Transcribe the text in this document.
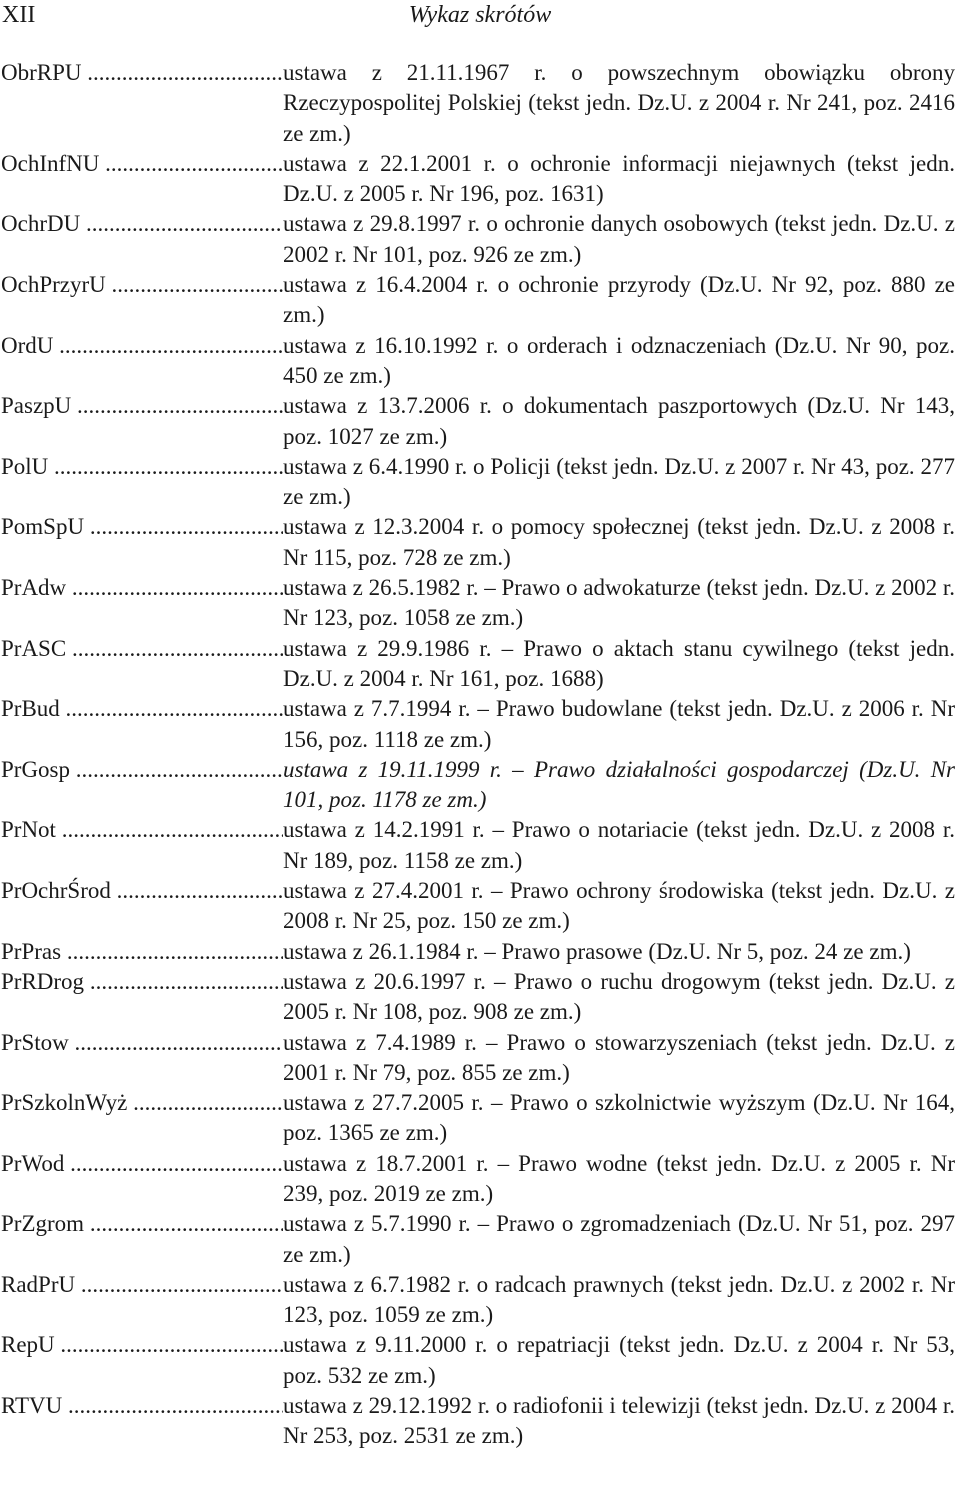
XII	Wykaz skrótów
ObrRPU .....	ustawa z 21.11.1967 r. o powszechnym obowiązku obrony Rzeczypospolitej Polskiej (tekst jedn. Dz.U. z 2004 r. Nr 241, poz. 2416 ze zm.)
OchInfNU .....	ustawa z 22.1.2001 r. o ochronie informacji niejawnych (tekst jedn. Dz.U. z 2005 r. Nr 196, poz. 1631)
OchrDU .....	ustawa z 29.8.1997 r. o ochronie danych osobowych (tekst jedn. Dz.U. z 2002 r. Nr 101, poz. 926 ze zm.)
OchPrzyrU .....	ustawa z 16.4.2004 r. o ochronie przyrody (Dz.U. Nr 92, poz. 880 ze zm.)
OrdU .....	ustawa z 16.10.1992 r. o orderach i odznaczeniach (Dz.U. Nr 90, poz. 450 ze zm.)
PaszpU .....	ustawa z 13.7.2006 r. o dokumentach paszportowych (Dz.U. Nr 143, poz. 1027 ze zm.)
PolU .....	ustawa z 6.4.1990 r. o Policji (tekst jedn. Dz.U. z 2007 r. Nr 43, poz. 277 ze zm.)
PomSpU .....	ustawa z 12.3.2004 r. o pomocy społecznej (tekst jedn. Dz.U. z 2008 r. Nr 115, poz. 728 ze zm.)
PrAdw .....	ustawa z 26.5.1982 r. – Prawo o adwokaturze (tekst jedn. Dz.U. z 2002 r. Nr 123, poz. 1058 ze zm.)
PrASC .....	ustawa z 29.9.1986 r. – Prawo o aktach stanu cywilnego (tekst jedn. Dz.U. z 2004 r. Nr 161, poz. 1688)
PrBud .....	ustawa z 7.7.1994 r. – Prawo budowlane (tekst jedn. Dz.U. z 2006 r. Nr 156, poz. 1118 ze zm.)
PrGosp .....	ustawa z 19.11.1999 r. – Prawo działalności gospodarczej (Dz.U. Nr 101, poz. 1178 ze zm.)
PrNot .....	ustawa z 14.2.1991 r. – Prawo o notariacie (tekst jedn. Dz.U. z 2008 r. Nr 189, poz. 1158 ze zm.)
PrOchrŚrod .....	ustawa z 27.4.2001 r. – Prawo ochrony środowiska (tekst jedn. Dz.U. z 2008 r. Nr 25, poz. 150 ze zm.)
PrPras .....	ustawa z 26.1.1984 r. – Prawo prasowe (Dz.U. Nr 5, poz. 24 ze zm.)
PrRDrog .....	ustawa z 20.6.1997 r. – Prawo o ruchu drogowym (tekst jedn. Dz.U. z 2005 r. Nr 108, poz. 908 ze zm.)
PrStow .....	ustawa z 7.4.1989 r. – Prawo o stowarzyszeniach (tekst jedn. Dz.U. z 2001 r. Nr 79, poz. 855 ze zm.)
PrSzkolnWyż .....	ustawa z 27.7.2005 r. – Prawo o szkolnictwie wyższym (Dz.U. Nr 164, poz. 1365 ze zm.)
PrWod .....	ustawa z 18.7.2001 r. – Prawo wodne (tekst jedn. Dz.U. z 2005 r. Nr 239, poz. 2019 ze zm.)
PrZgrom .....	ustawa z 5.7.1990 r. – Prawo o zgromadzeniach (Dz.U. Nr 51, poz. 297 ze zm.)
RadPrU .....	ustawa z 6.7.1982 r. o radcach prawnych (tekst jedn. Dz.U. z 2002 r. Nr 123, poz. 1059 ze zm.)
RepU .....	ustawa z 9.11.2000 r. o repatriacji (tekst jedn. Dz.U. z 2004 r. Nr 53, poz. 532 ze zm.)
RTVU .....	ustawa z 29.12.1992 r. o radiofonii i telewizji (tekst jedn. Dz.U. z 2004 r. Nr 253, poz. 2531 ze zm.)
